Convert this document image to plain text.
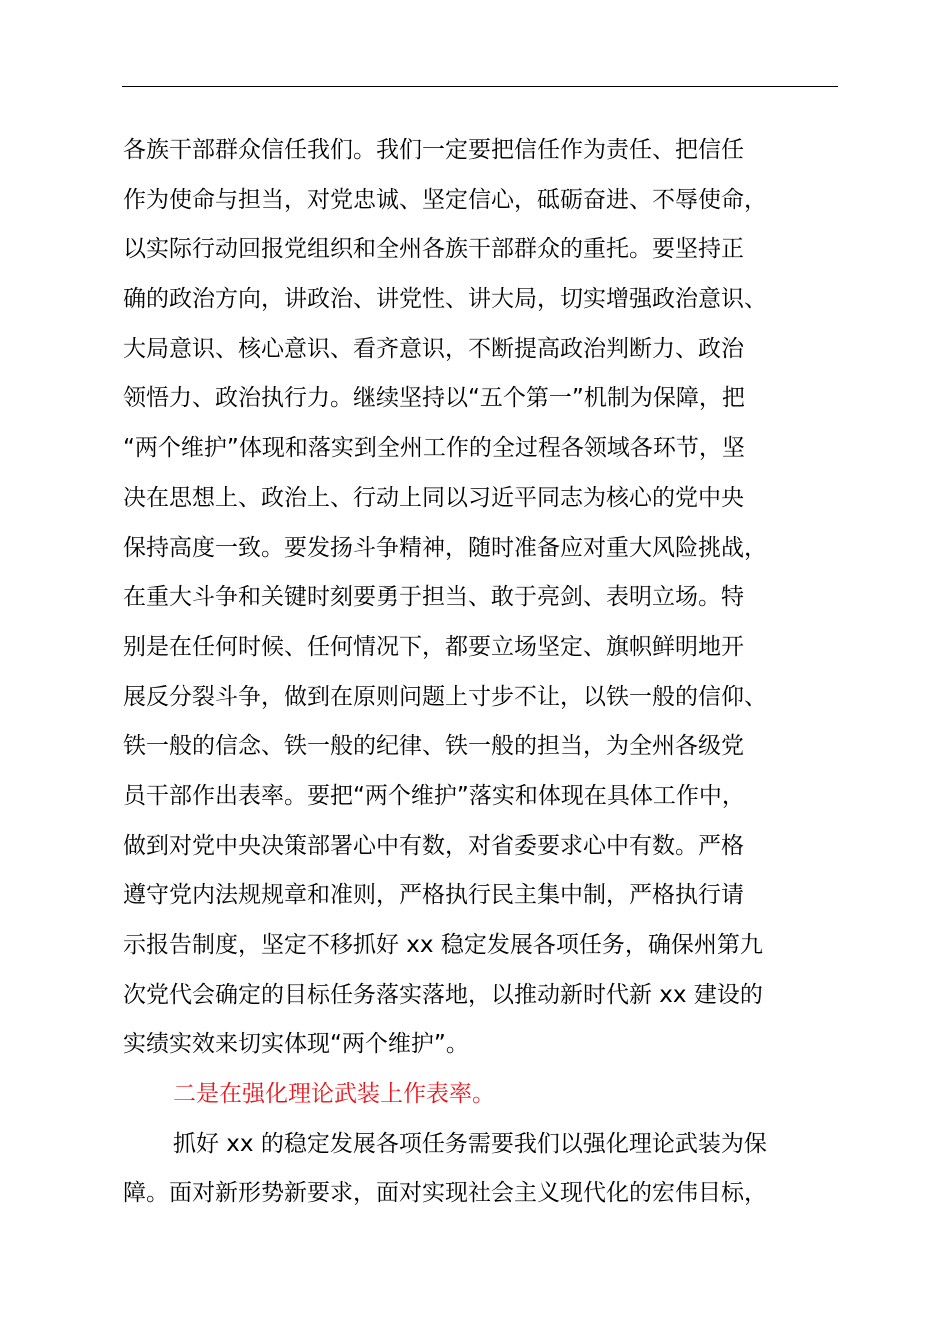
各族干部群众信任我们。我们一定要把信任作为责任、把信任
作为使命与担当，对党忠诚、坚定信心，砥砺奋进、不辱使命，
以实际行动回报党组织和全州各族干部群众的重托。要坚持正
确的政治方向，讲政治、讲党性、讲大局，切实增强政治意识、
大局意识、核心意识、看齐意识，不断提高政治判断力、政治
领悟力、政治执行力。继续坚持以“五个第一”机制为保障，把
“两个维护”体现和落实到全州工作的全过程各领域各环节，坚
决在思想上、政治上、行动上同以习近平同志为核心的党中央
保持高度一致。要发扬斗争精神，随时准备应对重大风险挑战，
在重大斗争和关键时刻要勇于担当、敢于亮剑、表明立场。特
别是在任何时候、任何情况下，都要立场坚定、旗帜鲜明地开
展反分裂斗争，做到在原则问题上寸步不让，以铁一般的信仰、
铁一般的信念、铁一般的纪律、铁一般的担当，为全州各级党
员干部作出表率。要把“两个维护”落实和体现在具体工作中，
做到对党中央决策部署心中有数，对省委要求心中有数。严格
遵守党内法规规章和准则，严格执行民主集中制，严格执行请
示报告制度，坚定不移抓好 xx 稳定发展各项任务，确保州第九
次党代会确定的目标任务落实落地，以推动新时代新 xx 建设的
实绩实效来切实体现“两个维护”。
二是在强化理论武装上作表率。
抓好 xx 的稳定发展各项任务需要我们以强化理论武装为保
障。面对新形势新要求，面对实现社会主义现代化的宏伟目标，
